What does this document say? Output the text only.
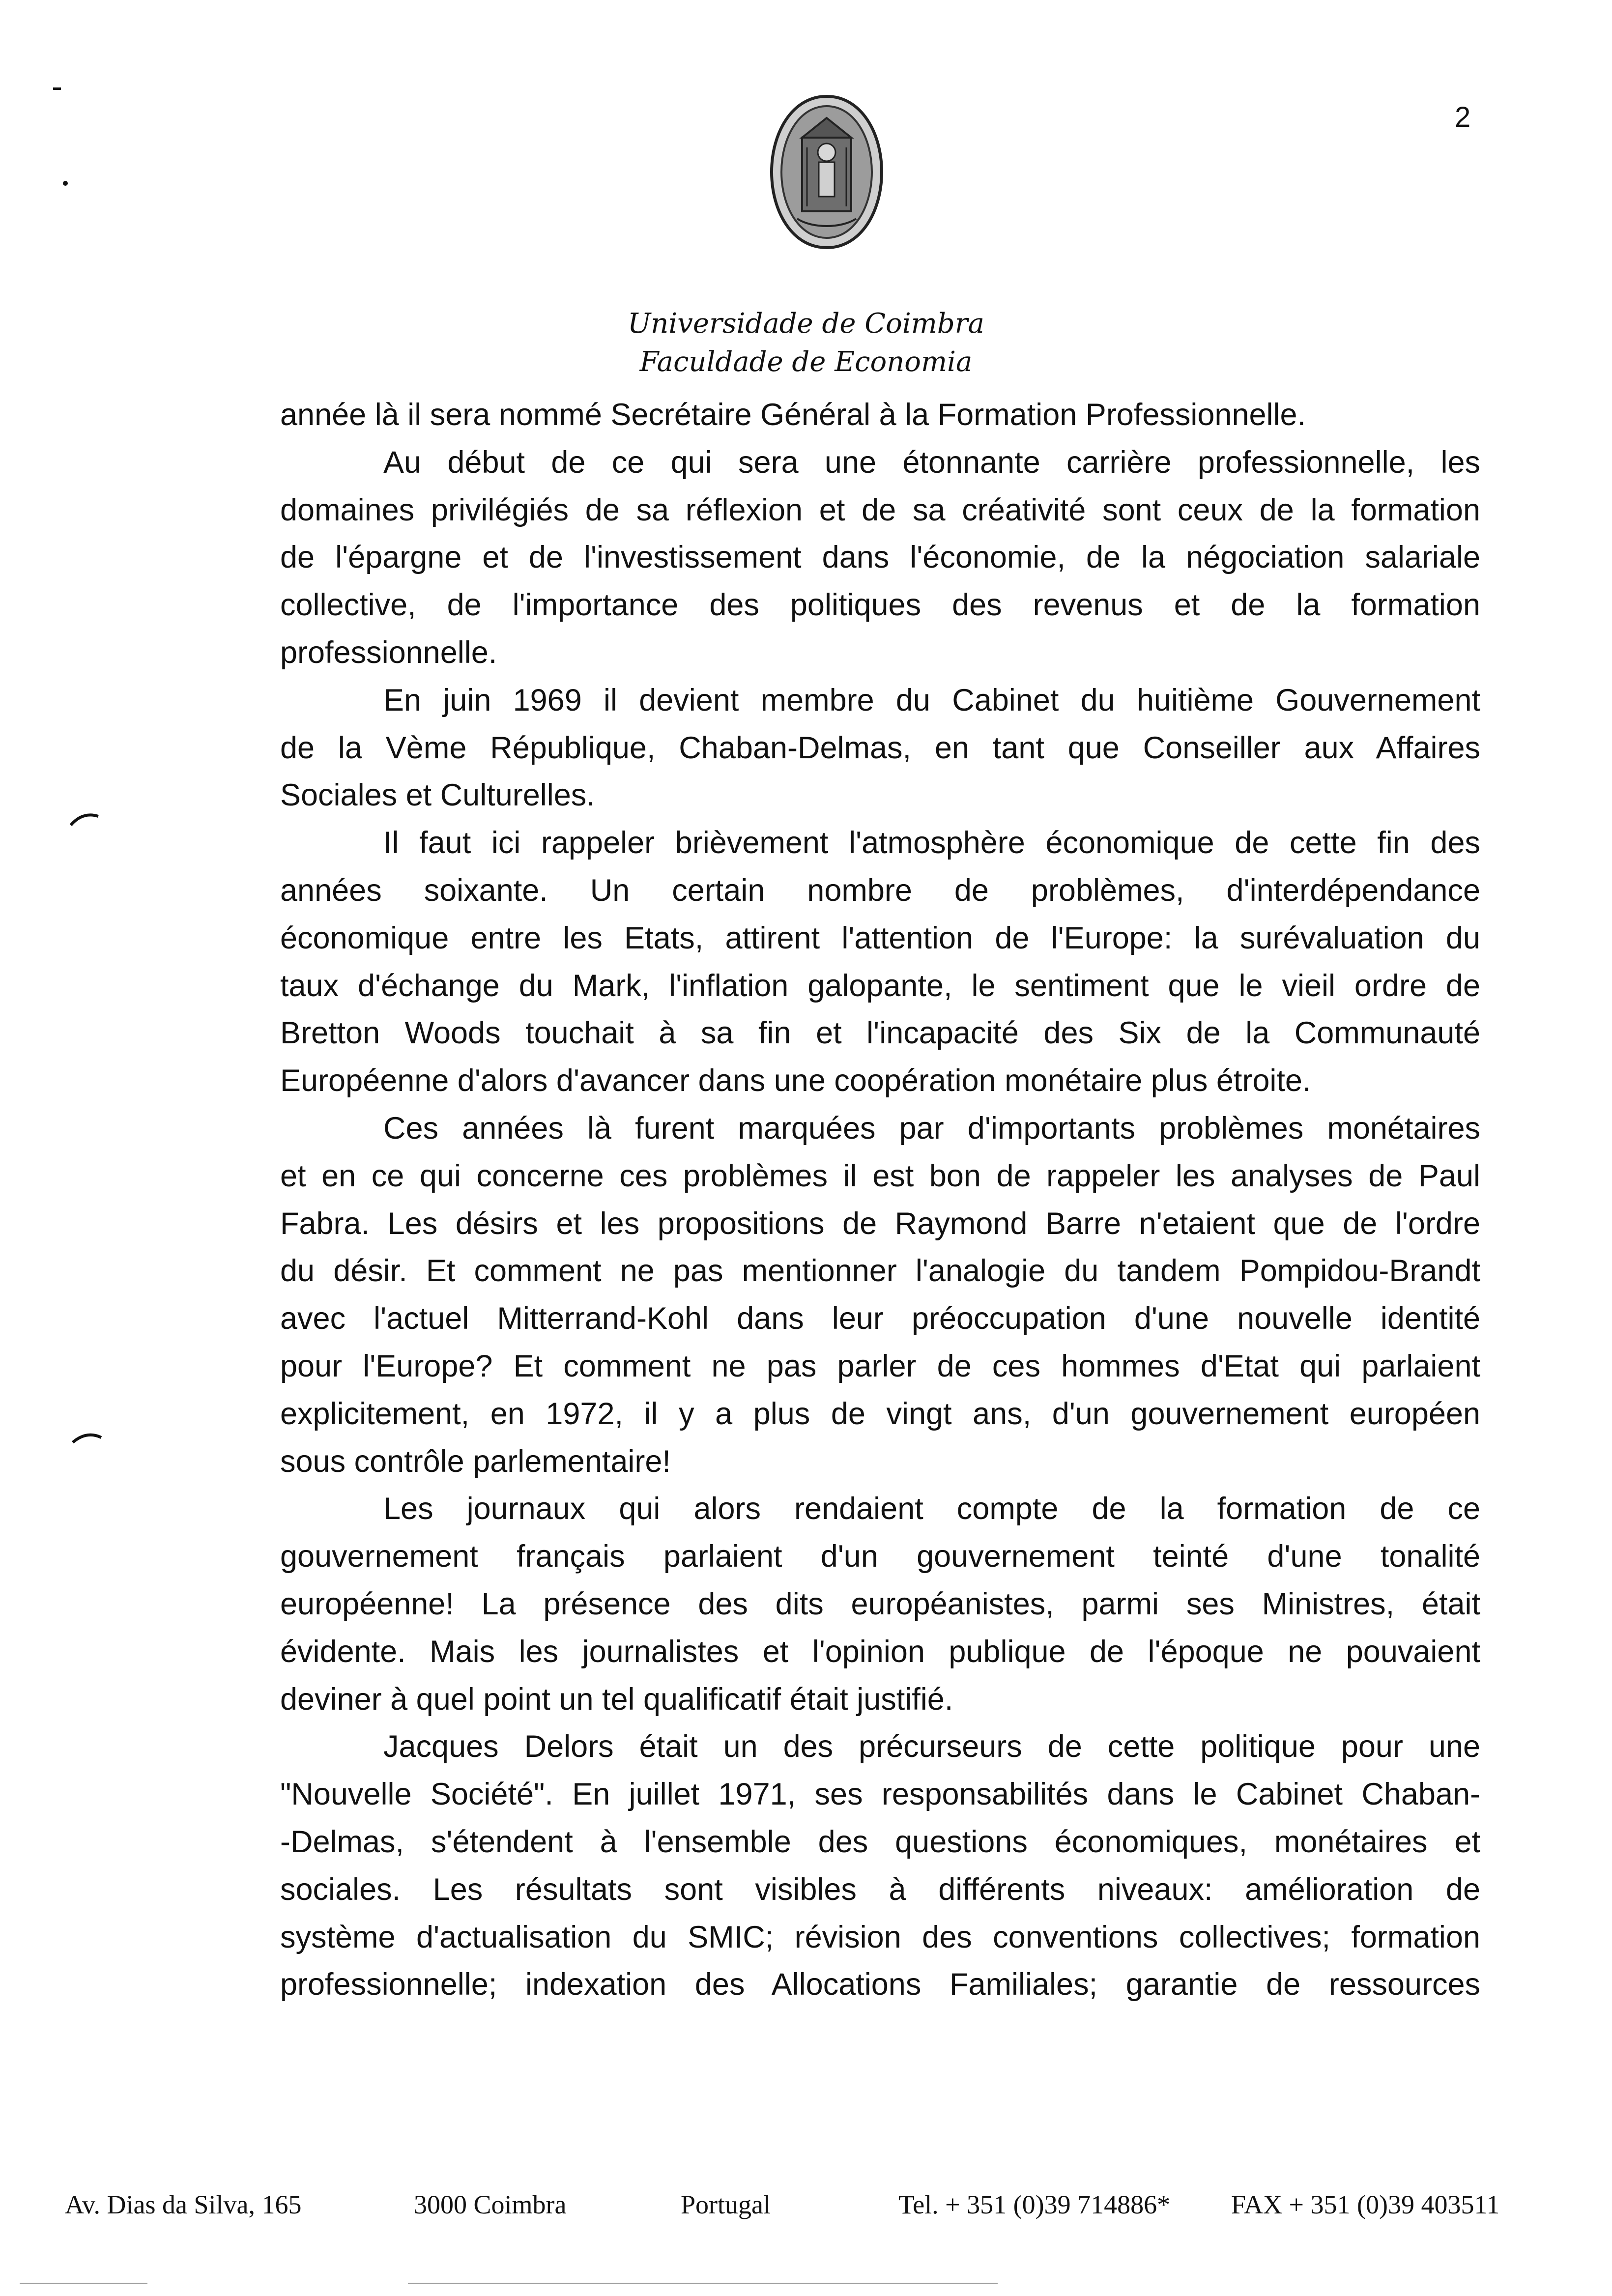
2
Universidade de Coimbra
Faculdade de Economia
année là il sera nommé Secrétaire Général à la Formation Professionnelle.
Au début de ce qui sera une étonnante carrière professionnelle, les
domaines privilégiés de sa réflexion et de sa créativité sont ceux de la formation
de l'épargne et de l'investissement dans l'économie, de la négociation salariale
collective, de l'importance des politiques des revenus et de la formation
professionnelle.
En juin 1969 il devient membre du Cabinet du huitième Gouvernement
de la Vème République, Chaban-Delmas, en tant que Conseiller aux Affaires
Sociales et Culturelles.
Il faut ici rappeler brièvement l'atmosphère économique de cette fin des
années soixante. Un certain nombre de problèmes, d'interdépendance
économique entre les Etats, attirent l'attention de l'Europe: la surévaluation du
taux d'échange du Mark, l'inflation galopante, le sentiment que le vieil ordre de
Bretton Woods touchait à sa fin et l'incapacité des Six de la Communauté
Européenne d'alors d'avancer dans une coopération monétaire plus étroite.
Ces années là furent marquées par d'importants problèmes monétaires
et en ce qui concerne ces problèmes il est bon de rappeler les analyses de Paul
Fabra. Les désirs et les propositions de Raymond Barre n'etaient que de l'ordre
du désir. Et comment ne pas mentionner l'analogie du tandem Pompidou-Brandt
avec l'actuel Mitterrand-Kohl dans leur préoccupation d'une nouvelle identité
pour l'Europe? Et comment ne pas parler de ces hommes d'Etat qui parlaient
explicitement, en 1972, il y a plus de vingt ans, d'un gouvernement européen
sous contrôle parlementaire!
Les journaux qui alors rendaient compte de la formation de ce
gouvernement français parlaient d'un gouvernement teinté d'une tonalité
européenne! La présence des dits européanistes, parmi ses Ministres, était
évidente. Mais les journalistes et l'opinion publique de l'époque ne pouvaient
deviner à quel point un tel qualificatif était justifié.
Jacques Delors était un des précurseurs de cette politique pour une
"Nouvelle Société". En juillet 1971, ses responsabilités dans le Cabinet Chaban-
-Delmas, s'étendent à l'ensemble des questions économiques, monétaires et
sociales. Les résultats sont visibles à différents niveaux: amélioration de
système d'actualisation du SMIC; révision des conventions collectives; formation
professionnelle; indexation des Allocations Familiales; garantie de ressources
Av. Dias da Silva, 165	3000 Coimbra	Portugal	Tel. + 351 (0)39 714886* FAX + 351 (0)39 403511
